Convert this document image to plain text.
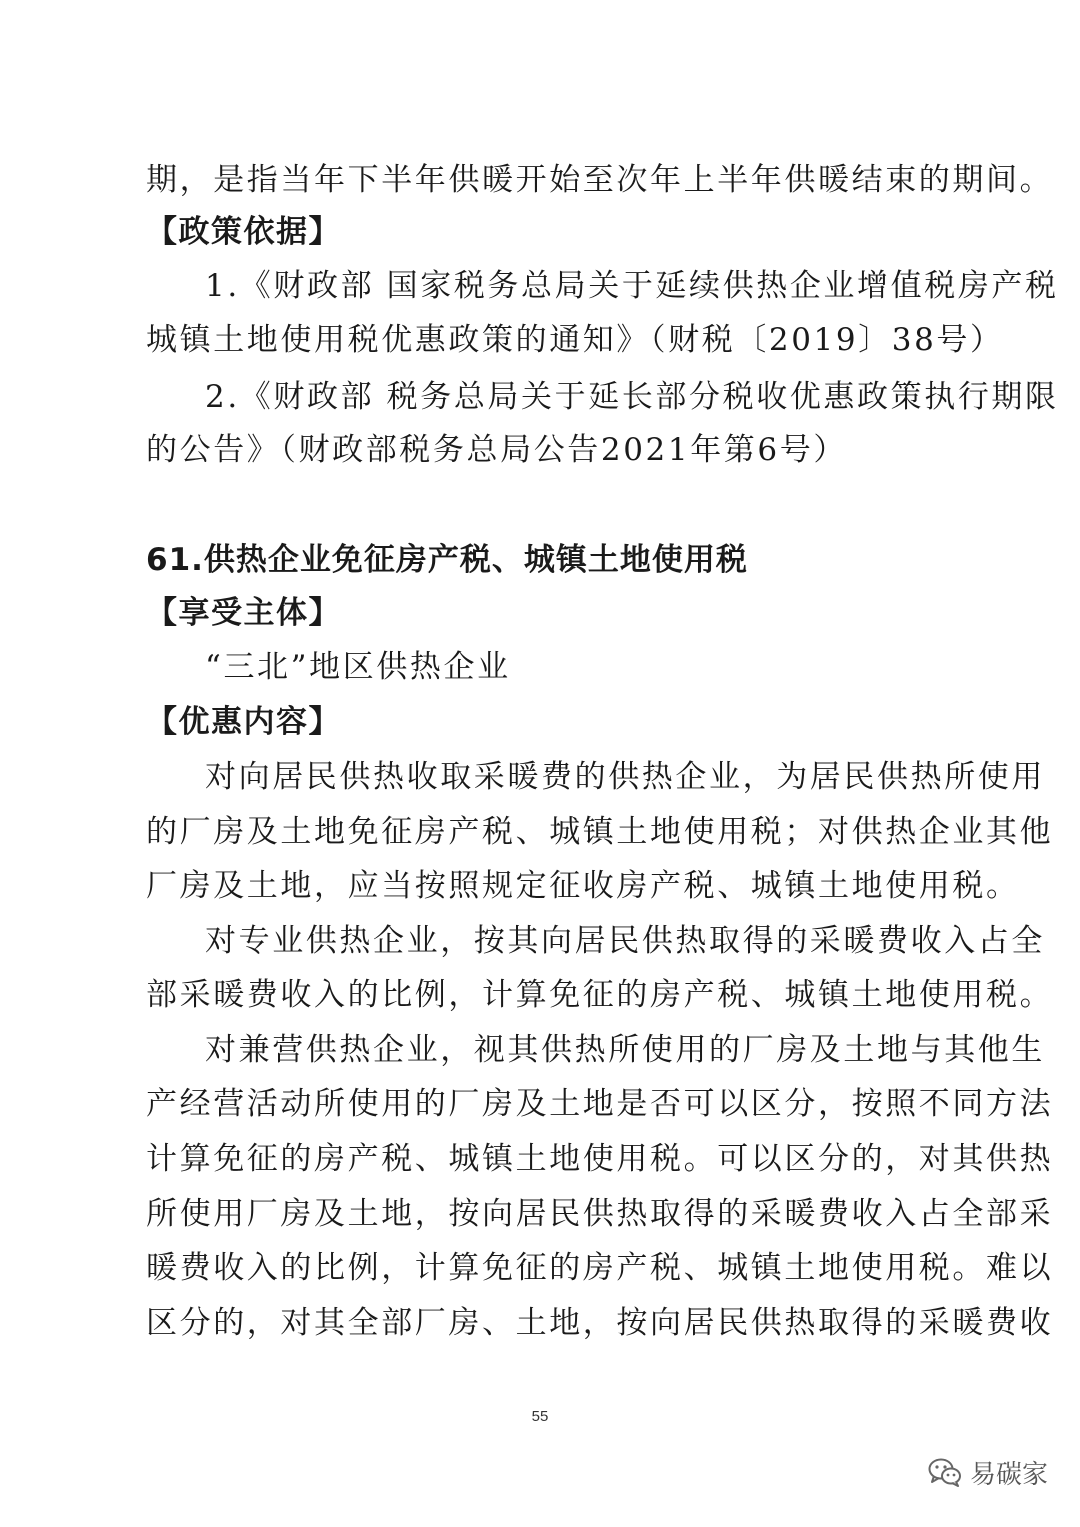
期，是指当年下半年供暖开始至次年上半年供暖结束的期间。
【政策依据】
1.《财政部 国家税务总局关于延续供热企业增值税房产税
城镇土地使用税优惠政策的通知》（财税〔2019〕38号）
2.《财政部 税务总局关于延长部分税收优惠政策执行期限
的公告》（财政部税务总局公告2021年第6号）
61.供热企业免征房产税、城镇土地使用税
【享受主体】
“三北”地区供热企业
【优惠内容】
对向居民供热收取采暖费的供热企业，为居民供热所使用
的厂房及土地免征房产税、城镇土地使用税；对供热企业其他
厂房及土地，应当按照规定征收房产税、城镇土地使用税。
对专业供热企业，按其向居民供热取得的采暖费收入占全
部采暖费收入的比例，计算免征的房产税、城镇土地使用税。
对兼营供热企业，视其供热所使用的厂房及土地与其他生
产经营活动所使用的厂房及土地是否可以区分，按照不同方法
计算免征的房产税、城镇土地使用税。可以区分的，对其供热
所使用厂房及土地，按向居民供热取得的采暖费收入占全部采
暖费收入的比例，计算免征的房产税、城镇土地使用税。难以
区分的，对其全部厂房、土地，按向居民供热取得的采暖费收
55
易碳家
